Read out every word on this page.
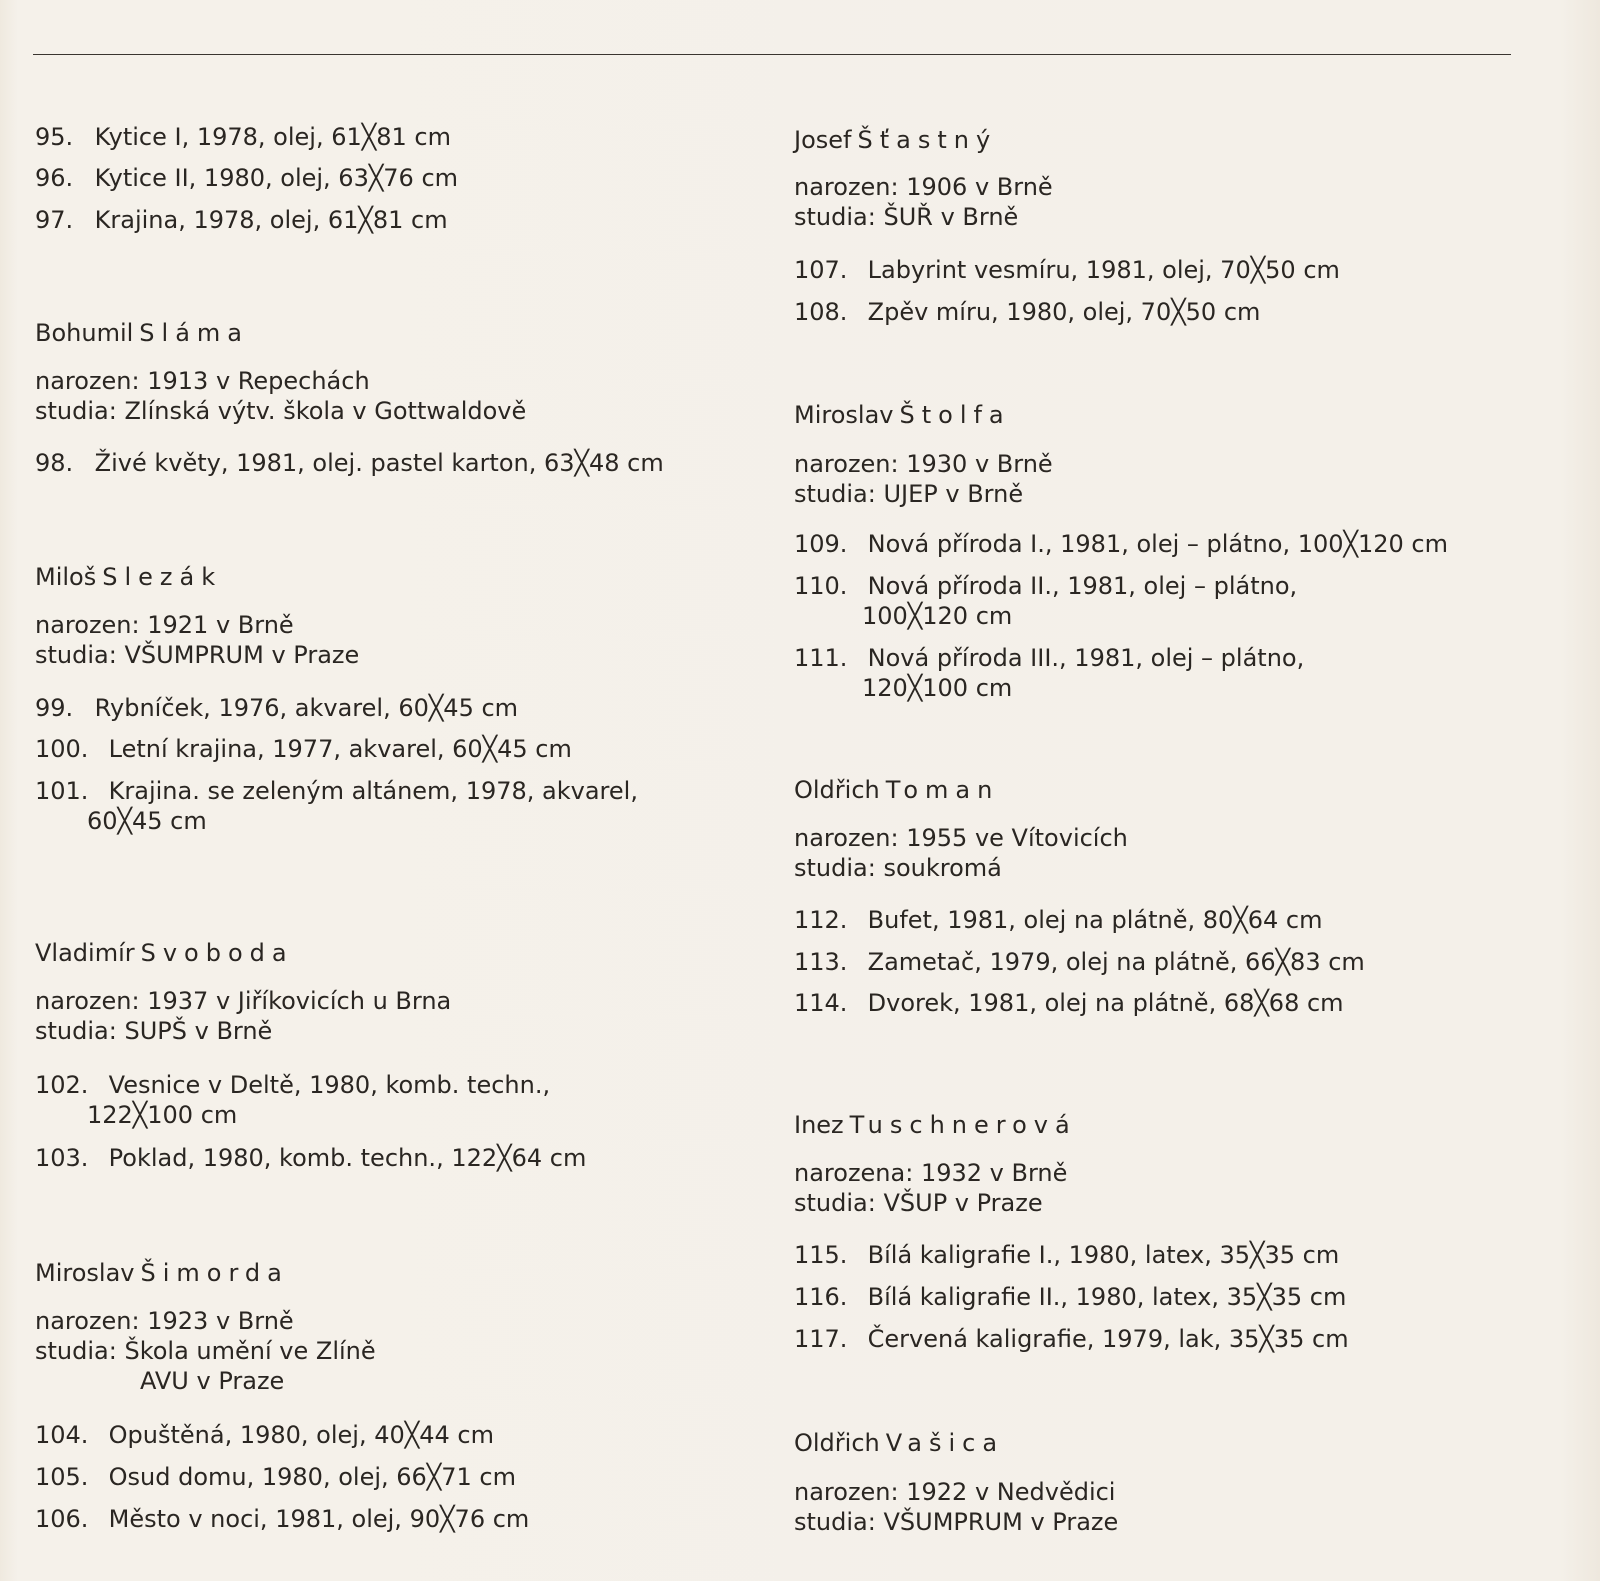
95. Kytice I, 1978, olej, 61╳81 cm
96. Kytice II, 1980, olej, 63╳76 cm
97. Krajina, 1978, olej, 61╳81 cm
Bohumil Sláma
narozen: 1913 v Repechách
studia: Zlínská výtv. škola v Gottwaldově
98. Živé květy, 1981, olej. pastel karton, 63╳48 cm
Miloš Slezák
narozen: 1921 v Brně
studia: VŠUMPRUM v Praze
99. Rybníček, 1976, akvarel, 60╳45 cm
100. Letní krajina, 1977, akvarel, 60╳45 cm
101. Krajina. se zeleným altánem, 1978, akvarel,
60╳45 cm
Vladimír Svoboda
narozen: 1937 v Jiříkovicích u Brna
studia: SUPŠ v Brně
102. Vesnice v Deltě, 1980, komb. techn.,
122╳100 cm
103. Poklad, 1980, komb. techn., 122╳64 cm
Miroslav Šimorda
narozen: 1923 v Brně
studia: Škola umění ve Zlíně
AVU v Praze
104. Opuštěná, 1980, olej, 40╳44 cm
105. Osud domu, 1980, olej, 66╳71 cm
106. Město v noci, 1981, olej, 90╳76 cm
Josef Šťastný
narozen: 1906 v Brně
studia: ŠUŘ v Brně
107. Labyrint vesmíru, 1981, olej, 70╳50 cm
108. Zpěv míru, 1980, olej, 70╳50 cm
Miroslav Štolfa
narozen: 1930 v Brně
studia: UJEP v Brně
109. Nová příroda I., 1981, olej – plátno, 100╳120 cm
110. Nová příroda II., 1981, olej – plátno,
100╳120 cm
111. Nová příroda III., 1981, olej – plátno,
120╳100 cm
Oldřich Toman
narozen: 1955 ve Vítovicích
studia: soukromá
112. Bufet, 1981, olej na plátně, 80╳64 cm
113. Zametač, 1979, olej na plátně, 66╳83 cm
114. Dvorek, 1981, olej na plátně, 68╳68 cm
Inez Tuschnerová
narozena: 1932 v Brně
studia: VŠUP v Praze
115. Bílá kaligrafie I., 1980, latex, 35╳35 cm
116. Bílá kaligrafie II., 1980, latex, 35╳35 cm
117. Červená kaligrafie, 1979, lak, 35╳35 cm
Oldřich Vašica
narozen: 1922 v Nedvědici
studia: VŠUMPRUM v Praze
